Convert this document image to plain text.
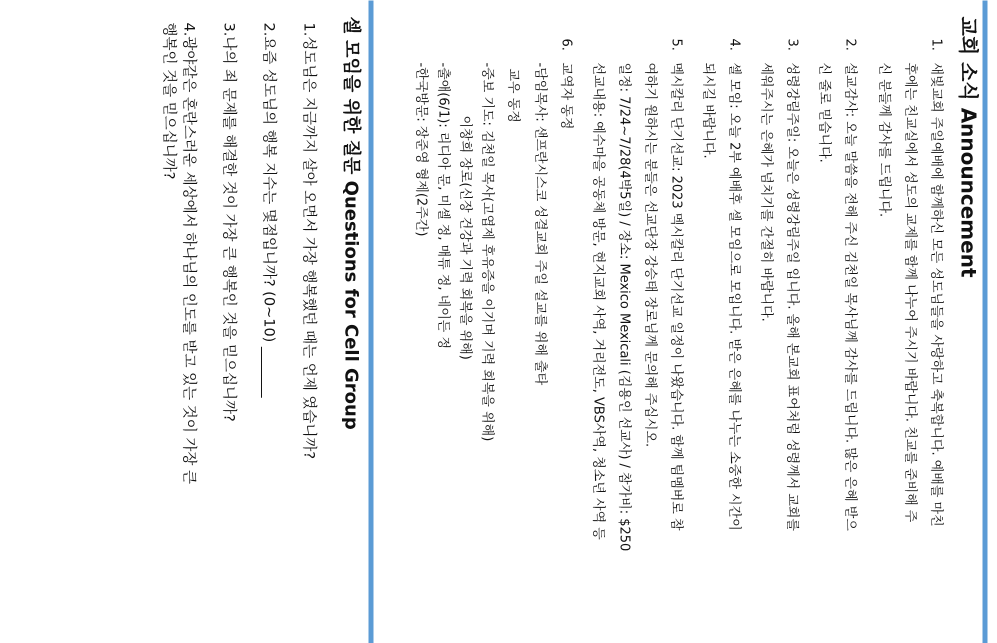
교회 소식 Announcement
1.
새빛교회 주일예배에 함께하신 모든 성도님들을 사랑하고 축복합니다. 예배를 마친
후에는 친교실에서 성도의 교제를 함께 나누어 주시기 바랍니다. 친교를 준비해 주
신 분들께 감사를 드립니다.
2.
설교감사: 오늘 말씀을 전해 주신 김천일 목사님께 감사를 드립니다. 많은 은혜 받으
신 줄로 믿습니다.
3.
성령강림주일: 오늘은 성령강림주일 입니다. 올해 본교회 표어처럼 성령께서 교회를
세워주시는 은혜가 넘치기를 간절히 바랍니다.
4.
셀 모임: 오늘 2부 예배후 셀 모임으로 모입니다. 받은 은혜를 나누는 소중한 시간이
되시길 바랍니다.
5.
멕시칼리 단기선교: 2023 멕시칼리 단기선교 일정이 나왔습니다. 함께 팀멤버로 참
여하기 원하시는 분들은 선교단장 강승태 장로님께 문의해 주십시오.
일정: 7/24~7/28(4박5일) / 장소: Mexico Mexicali (김용인 선교사) / 참가비: $250
선교내용: 예수마을 공동체 방문, 현지교회 사역, 거리전도, VBS사역, 청소년 사역 등
6.
교역자 동정
-담임목사: 샌프란시스코 성결교회 주일 설교를 위해 출타
교우 동정
-중보 기도: 김천일 목사(고엽제 후유증을 이기며 기력 회복을 위해)
이창희 장로(신장 건강과 기력 회복을 위해)
-출애(6/1): 리디아 문, 미셸 정, 매튜 정, 네이든 정
-한국방문: 장준영 형제(2주간)
셀 모임을 위한 질문 Questions for Cell Group
1.성도님은 지금까지 살아 오면서 가장 행복했던 때는 언제 였습니까?
2.요즘 성도님의 행복 지수는 몇점입니까? (0~10) _______
3.나의 죄 문제를 해결한 것이 가장 큰 행복인 것을 믿으십니까?
4.광야같은 혼란스러운 세상에서 하나님의 인도를 받고 있는 것이 가장 큰
행복인 것을 믿으십니까?
